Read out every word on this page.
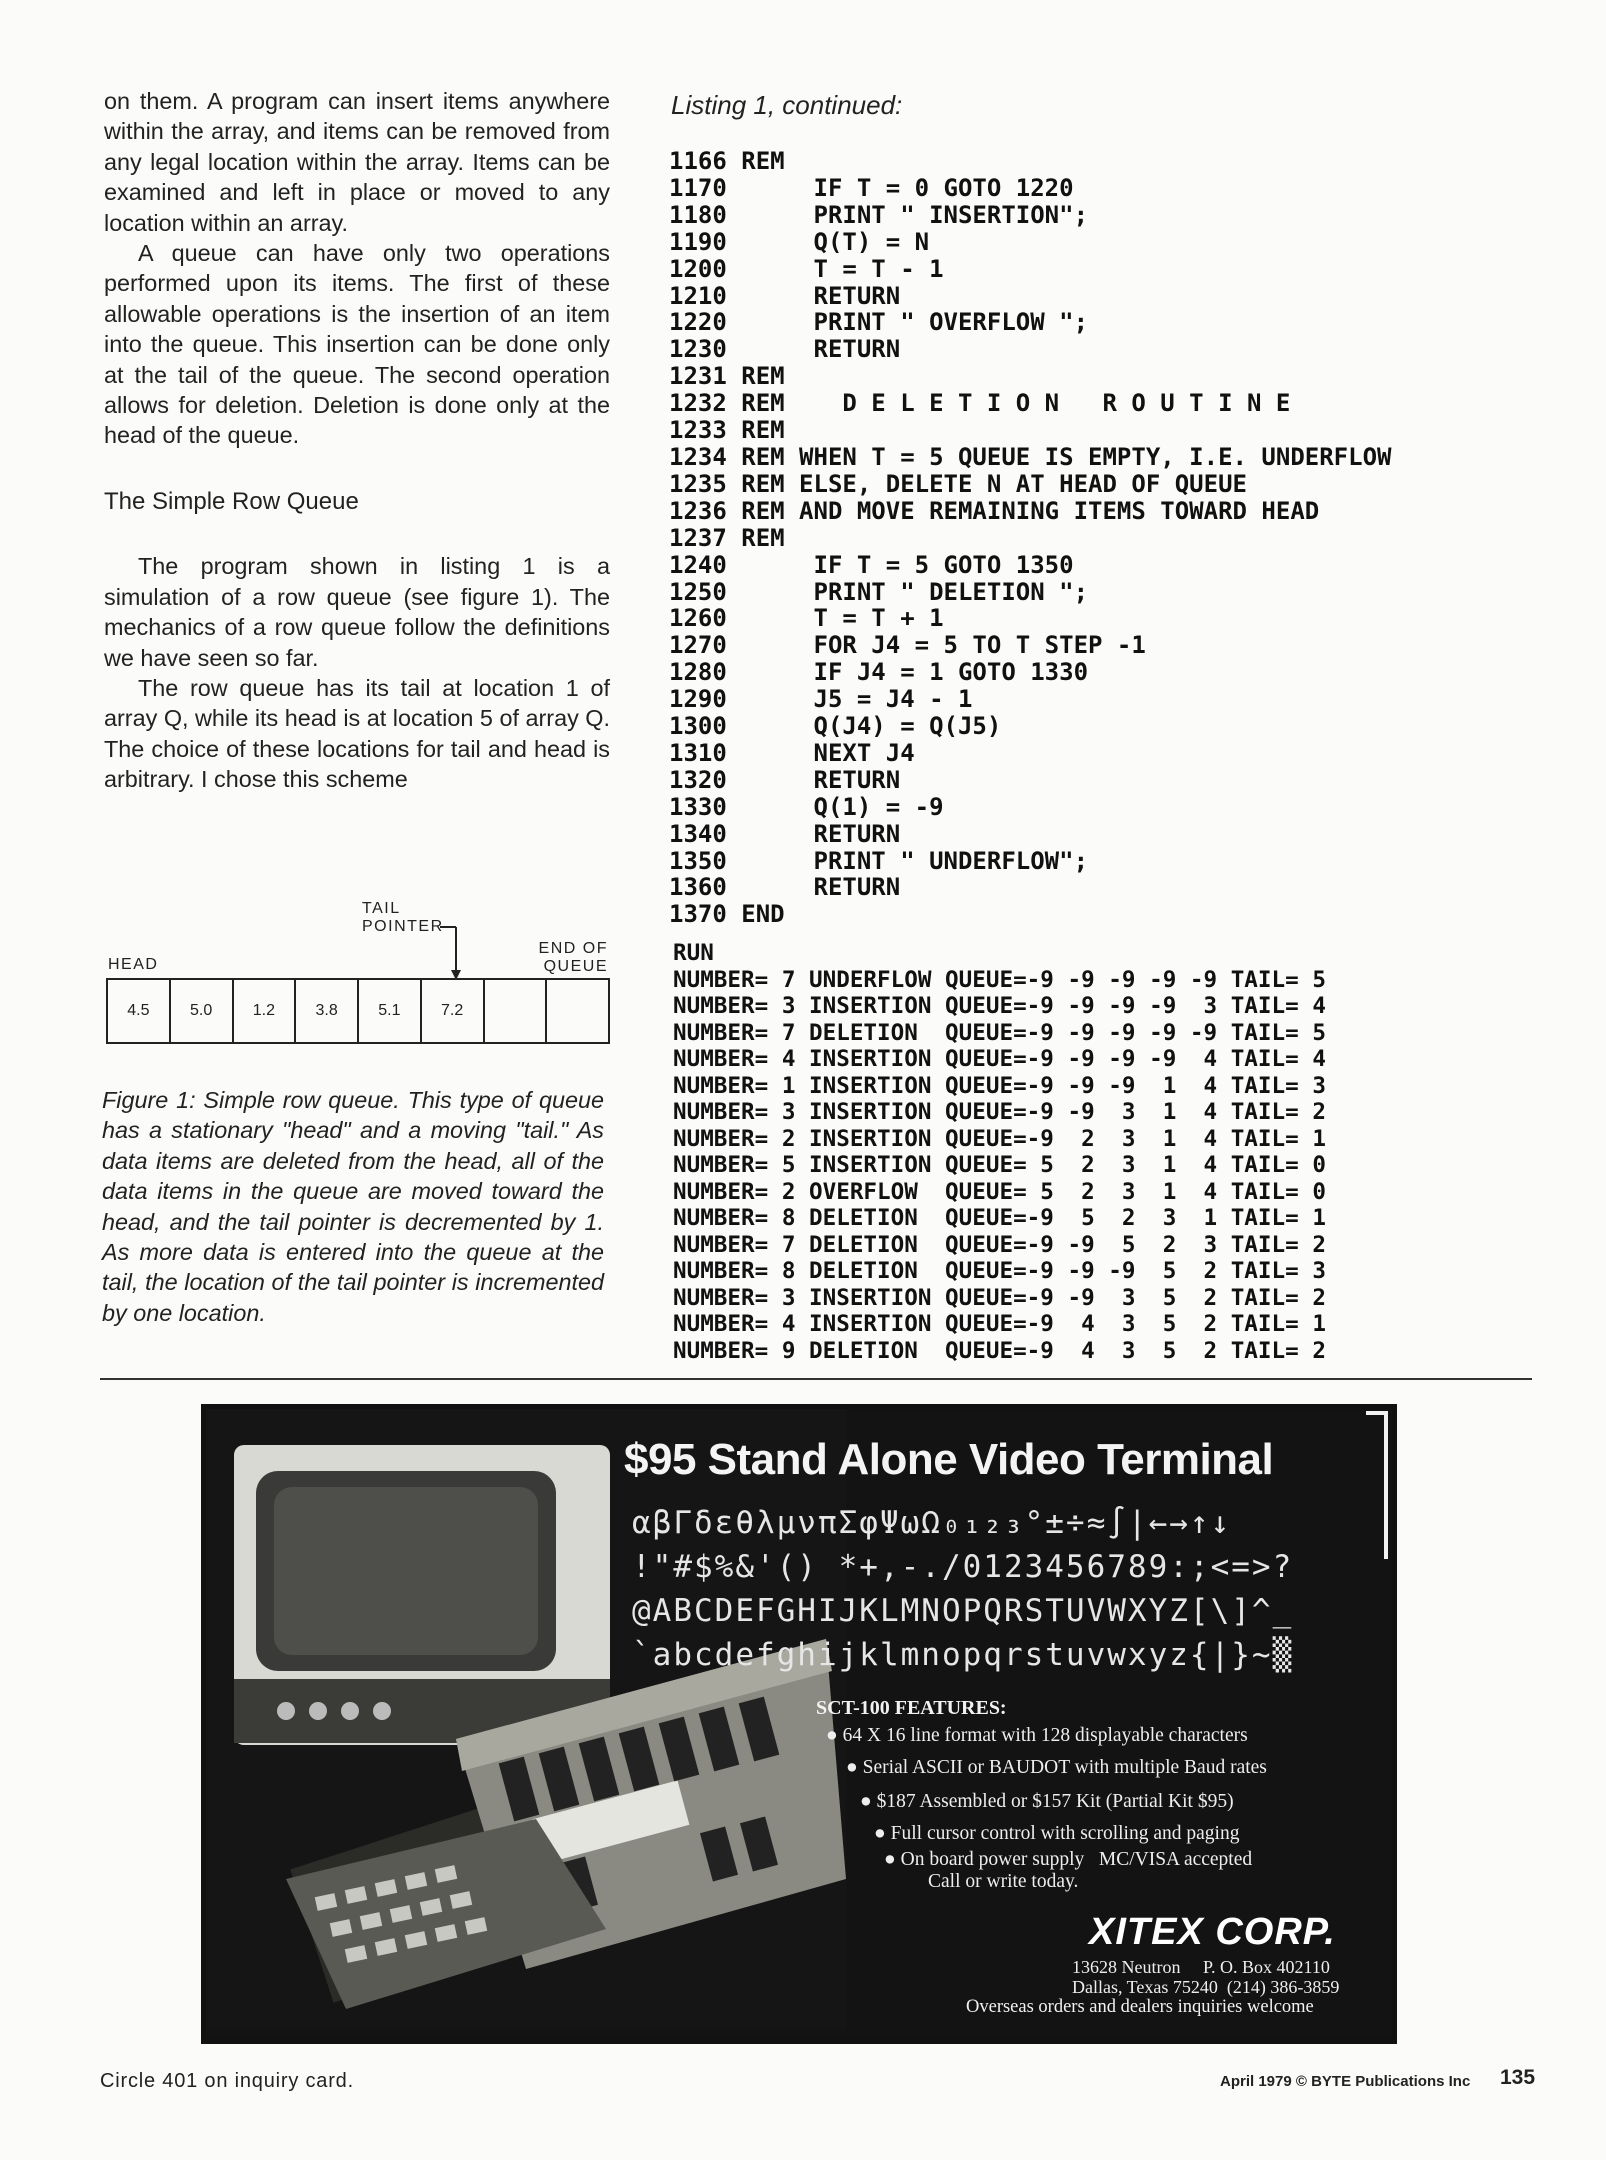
on them. A program can insert items anywhere within the array, and items can be removed from any legal location within the array. Items can be examined and left in place or moved to any location within an array.

A queue can have only two operations performed upon its items. The first of these allowable operations is the insertion of an item into the queue. This insertion can be done only at the tail of the queue. The second operation allows for deletion. Deletion is done only at the head of the queue.

The Simple Row Queue

The program shown in listing 1 is a simulation of a row queue (see figure 1). The mechanics of a row queue follow the definitions we have seen so far.

The row queue has its tail at location 1 of array Q, while its head is at location 5 of array Q. The choice of these locations for tail and head is arbitrary. I chose this scheme

TAIL
POINTER
HEAD
END OF
QUEUE
4.5	5.0	1.2	3.8	5.1	7.2
Figure 1: Simple row queue. This type of queue has a stationary "head" and a moving "tail." As data items are deleted from the head, all of the data items in the queue are moved toward the head, and the tail pointer is decremented by 1. As more data is entered into the queue at the tail, the location of the tail pointer is incremented by one location.
Listing 1, continued:
1166 REM
1170      IF T = 0 GOTO 1220
1180      PRINT " INSERTION";
1190      Q(T) = N
1200      T = T - 1
1210      RETURN
1220      PRINT " OVERFLOW ";
1230      RETURN
1231 REM
1232 REM    D E L E T I O N   R O U T I N E
1233 REM
1234 REM WHEN T = 5 QUEUE IS EMPTY, I.E. UNDERFLOW
1235 REM ELSE, DELETE N AT HEAD OF QUEUE
1236 REM AND MOVE REMAINING ITEMS TOWARD HEAD
1237 REM
1240      IF T = 5 GOTO 1350
1250      PRINT " DELETION ";
1260      T = T + 1
1270      FOR J4 = 5 TO T STEP -1
1280      IF J4 = 1 GOTO 1330
1290      J5 = J4 - 1
1300      Q(J4) = Q(J5)
1310      NEXT J4
1320      RETURN
1330      Q(1) = -9
1340      RETURN
1350      PRINT " UNDERFLOW";
1360      RETURN
1370 END
RUN
NUMBER= 7 UNDERFLOW QUEUE=-9 -9 -9 -9 -9 TAIL= 5
NUMBER= 3 INSERTION QUEUE=-9 -9 -9 -9  3 TAIL= 4
NUMBER= 7 DELETION  QUEUE=-9 -9 -9 -9 -9 TAIL= 5
NUMBER= 4 INSERTION QUEUE=-9 -9 -9 -9  4 TAIL= 4
NUMBER= 1 INSERTION QUEUE=-9 -9 -9  1  4 TAIL= 3
NUMBER= 3 INSERTION QUEUE=-9 -9  3  1  4 TAIL= 2
NUMBER= 2 INSERTION QUEUE=-9  2  3  1  4 TAIL= 1
NUMBER= 5 INSERTION QUEUE= 5  2  3  1  4 TAIL= 0
NUMBER= 2 OVERFLOW  QUEUE= 5  2  3  1  4 TAIL= 0
NUMBER= 8 DELETION  QUEUE=-9  5  2  3  1 TAIL= 1
NUMBER= 7 DELETION  QUEUE=-9 -9  5  2  3 TAIL= 2
NUMBER= 8 DELETION  QUEUE=-9 -9 -9  5  2 TAIL= 3
NUMBER= 3 INSERTION QUEUE=-9 -9  3  5  2 TAIL= 2
NUMBER= 4 INSERTION QUEUE=-9  4  3  5  2 TAIL= 1
NUMBER= 9 DELETION  QUEUE=-9  4  3  5  2 TAIL= 2
$95 Stand Alone Video Terminal
αβΓδεθλμνπΣφΨωΩ₀₁₂₃°±÷≈∫|←→↑↓
!"#$%&'() *+,-./0123456789:;<=>?
@ABCDEFGHIJKLMNOPQRSTUVWXYZ[\]^_
`abcdefghijklmnopqrstuvwxyz{|}~▒
SCT-100 FEATURES:
● 64 X 16 line format with 128 displayable characters
● Serial ASCII or BAUDOT with multiple Baud rates
● $187 Assembled or $157 Kit (Partial Kit $95)
● Full cursor control with scrolling and paging
● On board power supply   MC/VISA accepted
Call or write today.
XITEX CORP.
13628 Neutron     P. O. Box 402110
Dallas, Texas 75240  (214) 386-3859
Overseas orders and dealers inquiries welcome
Circle 401 on inquiry card.	April 1979 © BYTE Publications Inc 135
